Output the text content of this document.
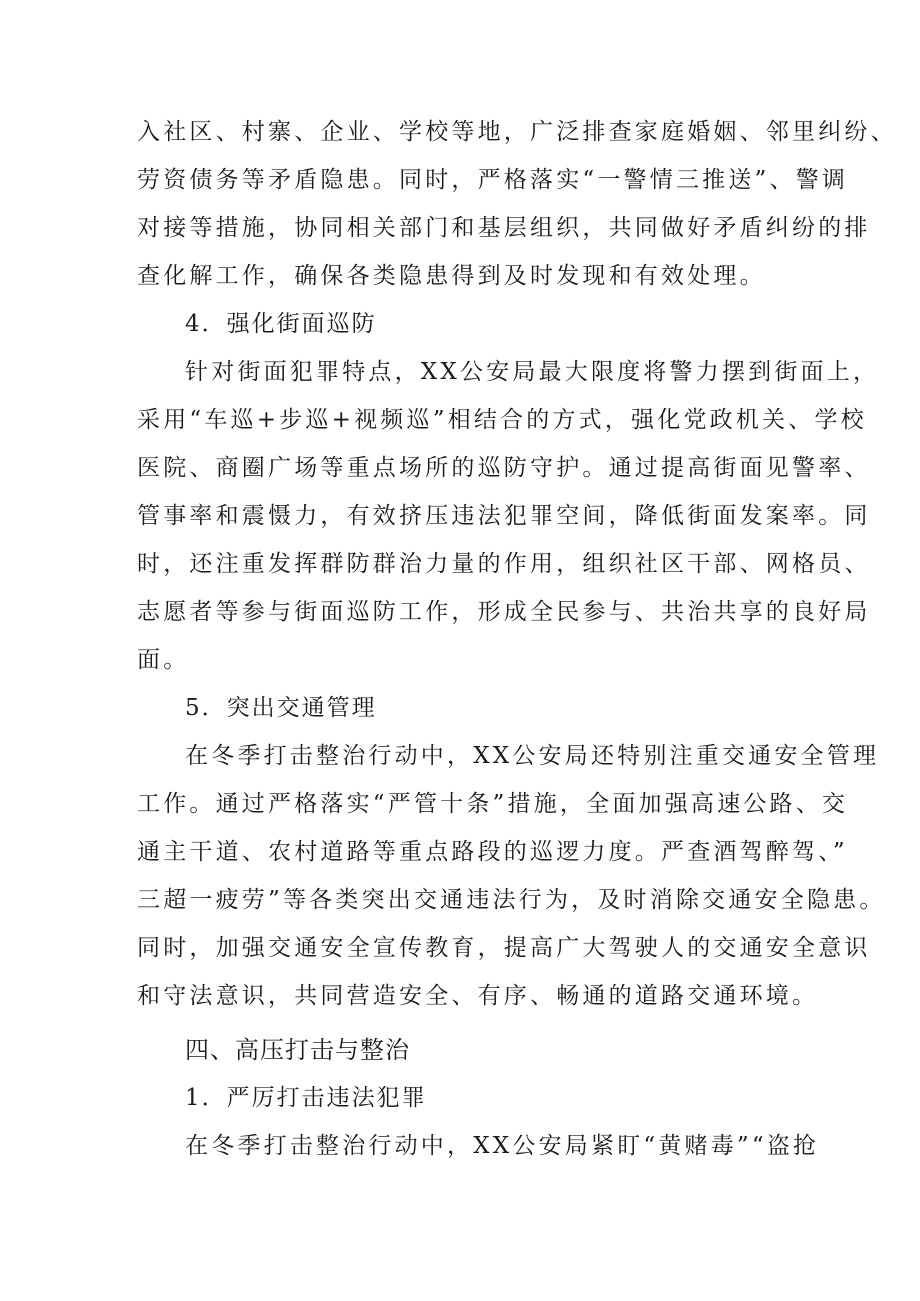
入社区、村寨、企业、学校等地，广泛排查家庭婚姻、邻里纠纷、
劳资债务等矛盾隐患。同时，严格落实“一警情三推送”、警调
对接等措施，协同相关部门和基层组织，共同做好矛盾纠纷的排
查化解工作，确保各类隐患得到及时发现和有效处理。
4．强化街面巡防
针对街面犯罪特点，XX公安局最大限度将警力摆到街面上，
采用“车巡+步巡+视频巡”相结合的方式，强化党政机关、学校
医院、商圈广场等重点场所的巡防守护。通过提高街面见警率、
管事率和震慑力，有效挤压违法犯罪空间，降低街面发案率。同
时，还注重发挥群防群治力量的作用，组织社区干部、网格员、
志愿者等参与街面巡防工作，形成全民参与、共治共享的良好局
面。
5．突出交通管理
在冬季打击整治行动中，XX公安局还特别注重交通安全管理
工作。通过严格落实“严管十条”措施，全面加强高速公路、交
通主干道、农村道路等重点路段的巡逻力度。严查酒驾醉驾、”
三超一疲劳”等各类突出交通违法行为，及时消除交通安全隐患。
同时，加强交通安全宣传教育，提高广大驾驶人的交通安全意识
和守法意识，共同营造安全、有序、畅通的道路交通环境。
四、高压打击与整治
1．严厉打击违法犯罪
在冬季打击整治行动中，XX公安局紧盯“黄赌毒”“盗抢
